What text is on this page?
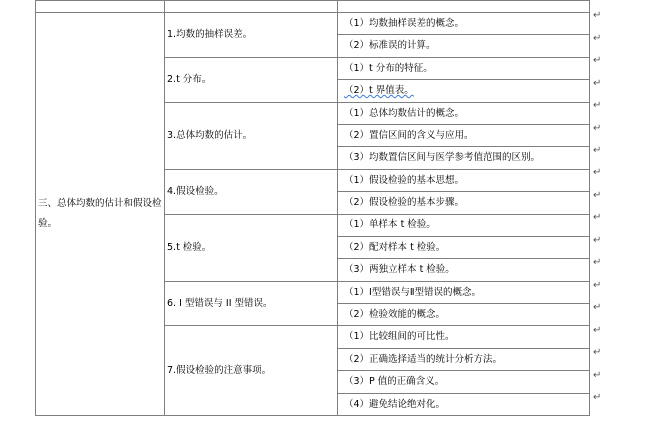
三、总体均数的估计和假设检验。	1.均数的抽样误差。	（1）均数抽样误差的概念。
		（2）标准误的计算。
	2.t 分布。	（1）t 分布的特征。
		（2）t 界值表。
	3.总体均数的估计。	（1）总体均数估计的概念。
		（2）置信区间的含义与应用。
		（3）均数置信区间与医学参考值范围的区别。
	4.假设检验。	（1）假设检验的基本思想。
		（2）假设检验的基本步骤。
	5.t 检验。	（1）单样本 t 检验。
		（2）配对样本 t 检验。
		（3）两独立样本 t 检验。
	6. I 型错误与 II 型错误。	（1）Ⅰ型错误与Ⅱ型错误的概念。
		（2）检验效能的概念。
	7.假设检验的注意事项。	（1）比较组间的可比性。
		（2）正确选择适当的统计分析方法。
		（3）P 值的正确含义。
		（4）避免结论绝对化。
↵
↵
↵
↵
↵
↵
↵
↵
↵
↵
↵
↵
↵
↵
↵
↵
↵
↵
